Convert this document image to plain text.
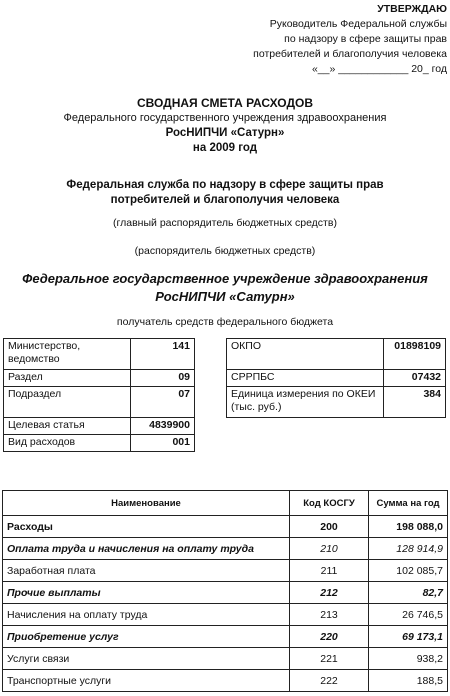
УТВЕРЖДАЮ
Руководитель Федеральной службы
по надзору в сфере защиты прав
потребителей и благополучия человека
«__» ____________ 20_ год
СВОДНАЯ СМЕТА РАСХОДОВ
Федерального государственного учреждения здравоохранения
РосНИПЧИ «Сатурн»
на 2009 год
Федеральная служба по надзору в сфере защиты прав
потребителей и благополучия человека
(главный распорядитель бюджетных средств)
(распорядитель бюджетных средств)
Федеральное государственное учреждение здравоохранения
РосНИПЧИ «Сатурн»
получатель средств федерального бюджета
Министерство, ведомство	141
Раздел	09
Подраздел	07
Целевая статья	4839900
Вид расходов	001
ОКПО	01898109
СРРПБС	07432
Единица измерения по ОКЕИ (тыс. руб.)	384
Наименование	Код КОСГУ	Сумма на год
Расходы	200	198 088,0
Оплата труда и начисления на оплату труда	210	128 914,9
Заработная плата	211	102 085,7
Прочие выплаты	212	82,7
Начисления на оплату труда	213	26 746,5
Приобретение услуг	220	69 173,1
Услуги связи	221	938,2
Транспортные услуги	222	188,5
